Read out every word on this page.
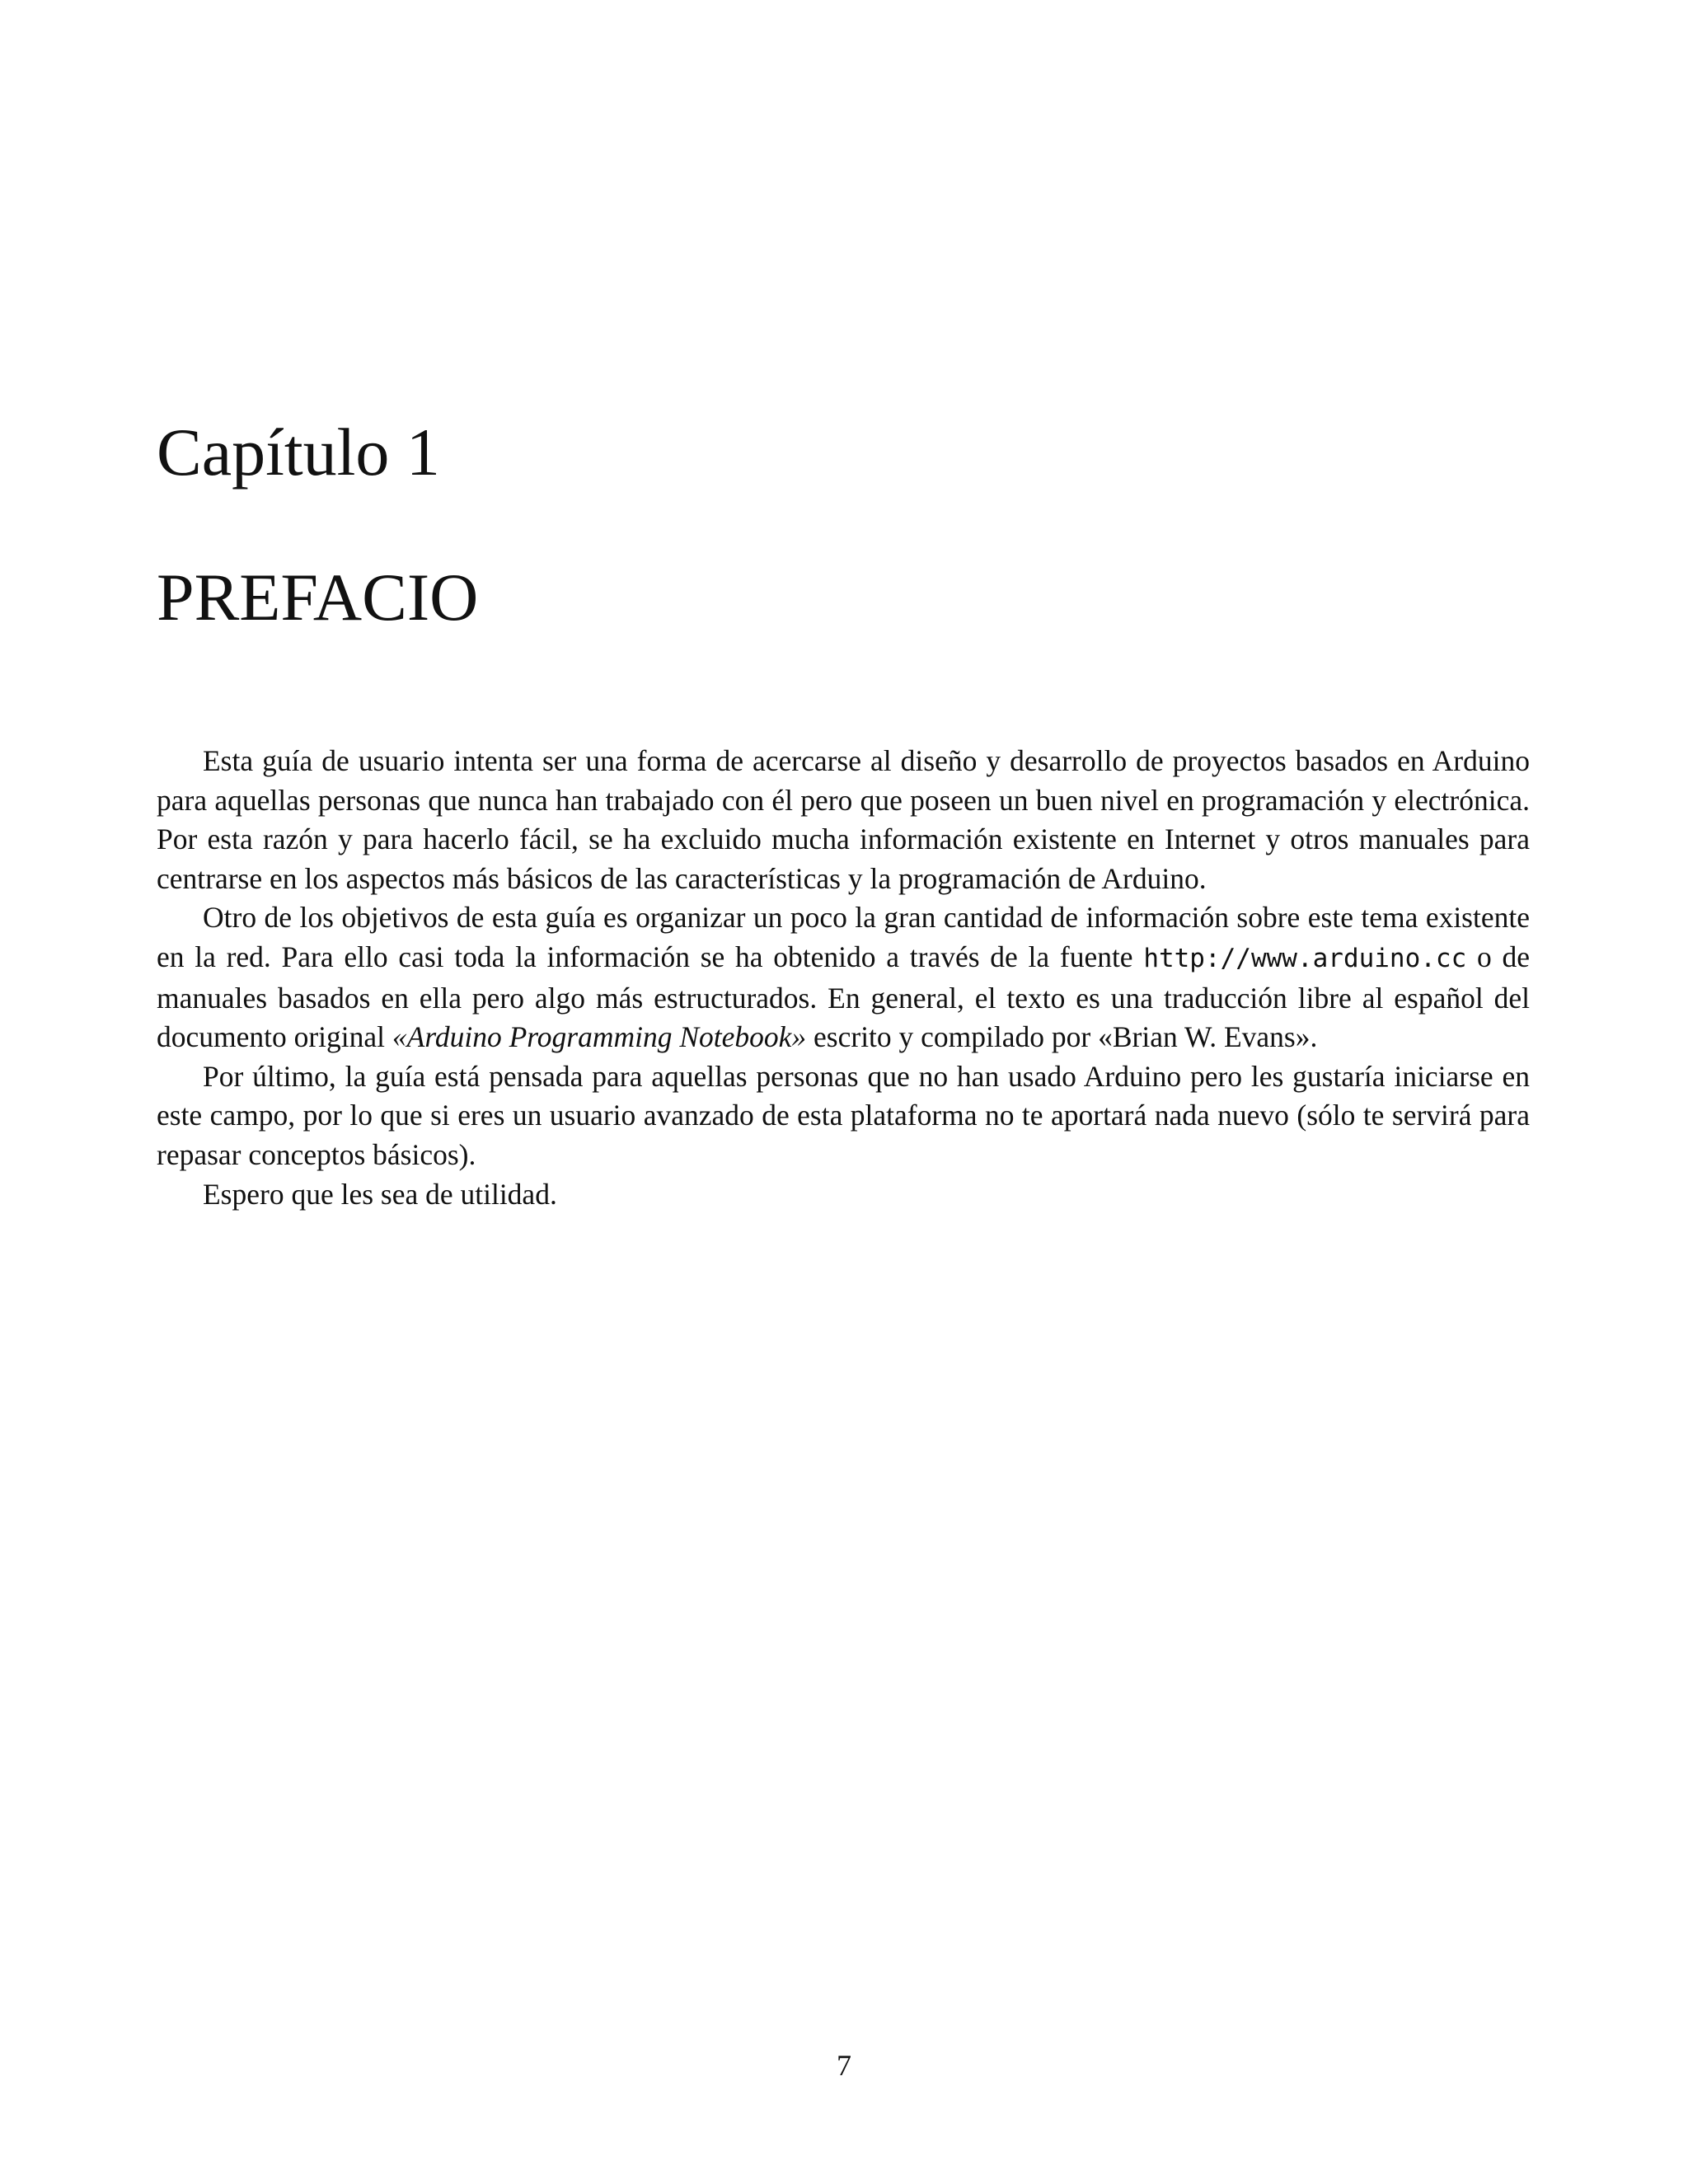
Capítulo 1
PREFACIO

Esta guía de usuario intenta ser una forma de acercarse al diseño y desarrollo de proyectos basados en Arduino para aquellas personas que nunca han trabajado con él pero que poseen un buen nivel en programación y electrónica. Por esta razón y para hacerlo fácil, se ha excluido mucha información existente en Internet y otros manuales para centrarse en los aspectos más básicos de las características y la programación de Arduino.

Otro de los objetivos de esta guía es organizar un poco la gran cantidad de información sobre este tema existente en la red. Para ello casi toda la información se ha obtenido a través de la fuente http://www.arduino.cc o de manuales basados en ella pero algo más estructurados. En general, el texto es una traducción libre al español del documento original «Arduino Programming Notebook» escrito y compilado por «Brian W. Evans».

Por último, la guía está pensada para aquellas personas que no han usado Arduino pero les gustaría iniciarse en este campo, por lo que si eres un usuario avanzado de esta plataforma no te aportará nada nuevo (sólo te servirá para repasar conceptos básicos).

Espero que les sea de utilidad.

7
